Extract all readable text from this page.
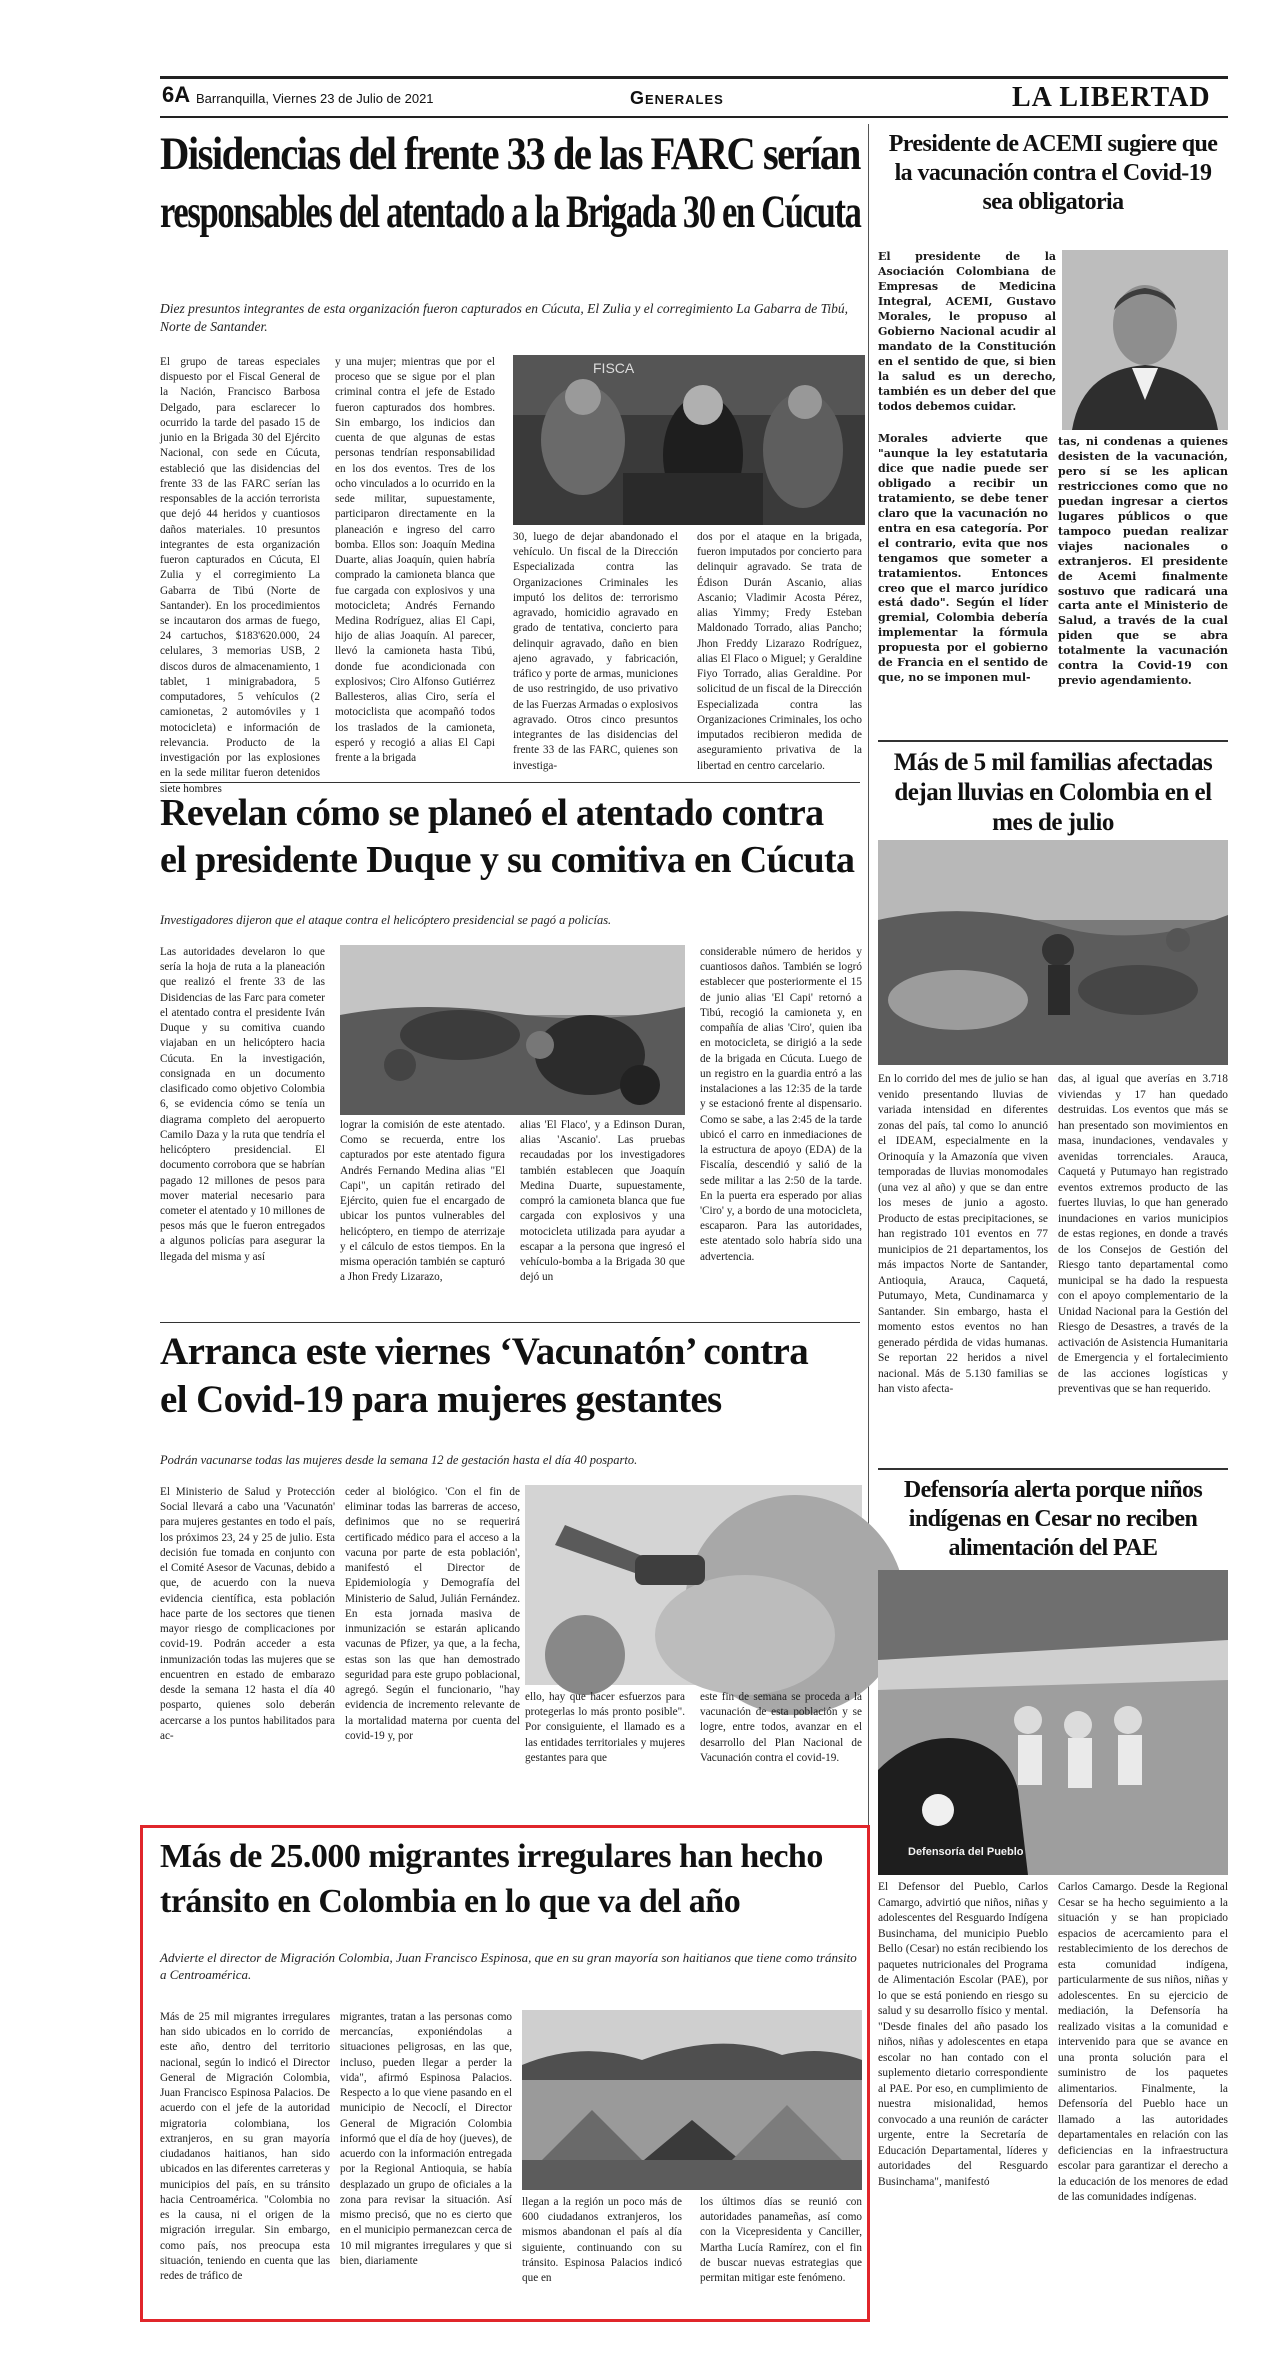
6A Barranquilla, Viernes 23 de Julio de 2021	Generales	LA LIBERTAD
Disidencias del frente 33 de las FARC serían
responsables del atentado a la Brigada 30 en Cúcuta
Diez presuntos integrantes de esta organización fueron capturados en Cúcuta, El Zulia y el corregimiento La Gabarra de Tibú, Norte de Santander.
El grupo de tareas especiales dispuesto por el Fiscal General de la Nación, Francisco Barbosa Delgado, para esclarecer lo ocurrido la tarde del pasado 15 de junio en la Brigada 30 del Ejército Nacional, con sede en Cúcuta, estableció que las disidencias del frente 33 de las FARC serían las responsables de la acción terrorista que dejó 44 heridos y cuantiosos daños materiales. 10 presuntos integrantes de esta organización fueron capturados en Cúcuta, El Zulia y el corregimiento La Gabarra de Tibú (Norte de Santander). En los procedimientos se incautaron dos armas de fuego, 24 cartuchos, $183'620.000, 24 celulares, 3 memorias USB, 2 discos duros de almacenamiento, 1 tablet, 1 minigrabadora, 5 computadores, 5 vehículos (2 camionetas, 2 automóviles y 1 motocicleta) e información de relevancia. Producto de la investigación por las explosiones en la sede militar fueron detenidos siete hombres
y una mujer; mientras que por el proceso que se sigue por el plan criminal contra el jefe de Estado fueron capturados dos hombres. Sin embargo, los indicios dan cuenta de que algunas de estas personas tendrían responsabilidad en los dos eventos. Tres de los ocho vinculados a lo ocurrido en la sede militar, supuestamente, participaron directamente en la planeación e ingreso del carro bomba. Ellos son: Joaquín Medina Duarte, alias Joaquín, quien habría comprado la camioneta blanca que fue cargada con explosivos y una motocicleta; Andrés Fernando Medina Rodríguez, alias El Capi, hijo de alias Joaquín. Al parecer, llevó la camioneta hasta Tibú, donde fue acondicionada con explosivos; Ciro Alfonso Gutiérrez Ballesteros, alias Ciro, sería el motociclista que acompañó todos los traslados de la camioneta, esperó y recogió a alias El Capi frente a la brigada
FISCA
30, luego de dejar abandonado el vehículo. Un fiscal de la Dirección Especializada contra las Organizaciones Criminales les imputó los delitos de: terrorismo agravado, homicidio agravado en grado de tentativa, concierto para delinquir agravado, daño en bien ajeno agravado, y fabricación, tráfico y porte de armas, municiones de uso restringido, de uso privativo de las Fuerzas Armadas o explosivos agravado. Otros cinco presuntos integrantes de las disidencias del frente 33 de las FARC, quienes son investiga-
dos por el ataque en la brigada, fueron imputados por concierto para delinquir agravado. Se trata de Édison Durán Ascanio, alias Ascanio; Vladimir Acosta Pérez, alias Yimmy; Fredy Esteban Maldonado Torrado, alias Pancho; Jhon Freddy Lizarazo Rodríguez, alias El Flaco o Miguel; y Geraldine Fiyo Torrado, alias Geraldine. Por solicitud de un fiscal de la Dirección Especializada contra las Organizaciones Criminales, los ocho imputados recibieron medida de aseguramiento privativa de la libertad en centro carcelario.
Revelan cómo se planeó el atentado contra
el presidente Duque y su comitiva en Cúcuta
Investigadores dijeron que el ataque contra el helicóptero presidencial se pagó a policías.
Las autoridades develaron lo que sería la hoja de ruta a la planeación que realizó el frente 33 de las Disidencias de las Farc para cometer el atentado contra el presidente Iván Duque y su comitiva cuando viajaban en un helicóptero hacia Cúcuta. En la investigación, consignada en un documento clasificado como objetivo Colombia 6, se evidencia cómo se tenía un diagrama completo del aeropuerto Camilo Daza y la ruta que tendría el helicóptero presidencial. El documento corrobora que se habrían pagado 12 millones de pesos para mover material necesario para cometer el atentado y 10 millones de pesos más que le fueron entregados a algunos policías para asegurar la llegada del misma y así
lograr la comisión de este atentado. Como se recuerda, entre los capturados por este atentado figura Andrés Fernando Medina alias "El Capi", un capitán retirado del Ejército, quien fue el encargado de ubicar los puntos vulnerables del helicóptero, en tiempo de aterrizaje y el cálculo de estos tiempos. En la misma operación también se capturó a Jhon Fredy Lizarazo,
alias 'El Flaco', y a Edinson Duran, alias 'Ascanio'. Las pruebas recaudadas por los investigadores también establecen que Joaquín Medina Duarte, supuestamente, compró la camioneta blanca que fue cargada con explosivos y una motocicleta utilizada para ayudar a escapar a la persona que ingresó el vehículo-bomba a la Brigada 30 que dejó un
considerable número de heridos y cuantiosos daños. También se logró establecer que posteriormente el 15 de junio alias 'El Capi' retornó a Tibú, recogió la camioneta y, en compañía de alias 'Ciro', quien iba en motocicleta, se dirigió a la sede de la brigada en Cúcuta. Luego de un registro en la guardia entró a las instalaciones a las 12:35 de la tarde y se estacionó frente al dispensario. Como se sabe, a las 2:45 de la tarde ubicó el carro en inmediaciones de la estructura de apoyo (EDA) de la Fiscalía, descendió y salió de la sede militar a las 2:50 de la tarde. En la puerta era esperado por alias 'Ciro' y, a bordo de una motocicleta, escaparon. Para las autoridades, este atentado solo habría sido una advertencia.
Arranca este viernes ‘Vacunatón’ contra
el Covid-19 para mujeres gestantes
Podrán vacunarse todas las mujeres desde la semana 12 de gestación hasta el día 40 posparto.
El Ministerio de Salud y Protección Social llevará a cabo una 'Vacunatón' para mujeres gestantes en todo el país, los próximos 23, 24 y 25 de julio. Esta decisión fue tomada en conjunto con el Comité Asesor de Vacunas, debido a que, de acuerdo con la nueva evidencia científica, esta población hace parte de los sectores que tienen mayor riesgo de complicaciones por covid-19. Podrán acceder a esta inmunización todas las mujeres que se encuentren en estado de embarazo desde la semana 12 hasta el día 40 posparto, quienes solo deberán acercarse a los puntos habilitados para ac-
ceder al biológico. 'Con el fin de eliminar todas las barreras de acceso, definimos que no se requerirá certificado médico para el acceso a la vacuna por parte de esta población', manifestó el Director de Epidemiología y Demografía del Ministerio de Salud, Julián Fernández. En esta jornada masiva de inmunización se estarán aplicando vacunas de Pfizer, ya que, a la fecha, estas son las que han demostrado seguridad para este grupo poblacional, agregó. Según el funcionario, "hay evidencia de incremento relevante de la mortalidad materna por cuenta del covid-19 y, por
ello, hay que hacer esfuerzos para protegerlas lo más pronto posible". Por consiguiente, el llamado es a las entidades territoriales y mujeres gestantes para que
este fin de semana se proceda a la vacunación de esta población y se logre, entre todos, avanzar en el desarrollo del Plan Nacional de Vacunación contra el covid-19.
Más de 25.000 migrantes irregulares han hecho
tránsito en Colombia en lo que va del año
Advierte el director de Migración Colombia, Juan Francisco Espinosa, que en su gran mayoría son haitianos que tiene como tránsito a Centroamérica.
Más de 25 mil migrantes irregulares han sido ubicados en lo corrido de este año, dentro del territorio nacional, según lo indicó el Director General de Migración Colombia, Juan Francisco Espinosa Palacios. De acuerdo con el jefe de la autoridad migratoria colombiana, los extranjeros, en su gran mayoría ciudadanos haitianos, han sido ubicados en las diferentes carreteras y municipios del país, en su tránsito hacia Centroamérica. "Colombia no es la causa, ni el origen de la migración irregular. Sin embargo, como país, nos preocupa esta situación, teniendo en cuenta que las redes de tráfico de
migrantes, tratan a las personas como mercancías, exponiéndolas a situaciones peligrosas, en las que, incluso, pueden llegar a perder la vida", afirmó Espinosa Palacios. Respecto a lo que viene pasando en el municipio de Necoclí, el Director General de Migración Colombia informó que el día de hoy (jueves), de acuerdo con la información entregada por la Regional Antioquia, se había desplazado un grupo de oficiales a la zona para revisar la situación. Así mismo precisó, que no es cierto que en el municipio permanezcan cerca de 10 mil migrantes irregulares y que si bien, diariamente
llegan a la región un poco más de 600 ciudadanos extranjeros, los mismos abandonan el país al día siguiente, continuando con su tránsito. Espinosa Palacios indicó que en
los últimos días se reunió con autoridades panameñas, así como con la Vicepresidenta y Canciller, Martha Lucía Ramírez, con el fin de buscar nuevas estrategias que permitan mitigar este fenómeno.
Presidente de ACEMI sugiere que la vacunación contra el Covid-19 sea obligatoria
El presidente de la Asociación Colombiana de Empresas de Medicina Integral, ACEMI, Gustavo Morales, le propuso al Gobierno Nacional acudir al mandato de la Constitución en el sentido de que, si bien la salud es un derecho, también es un deber del que todos debemos cuidar.
Morales advierte que "aunque la ley estatutaria dice que nadie puede ser obligado a recibir un tratamiento, se debe tener claro que la vacunación no entra en esa categoría. Por el contrario, evita que nos tengamos que someter a tratamientos. Entonces creo que el marco jurídico está dado". Según el líder gremial, Colombia debería implementar la fórmula propuesta por el gobierno de Francia en el sentido de que, no se imponen mul-
tas, ni condenas a quienes desisten de la vacunación, pero sí se les aplican restricciones como que no puedan ingresar a ciertos lugares públicos o que tampoco puedan realizar viajes nacionales o extranjeros. El presidente de Acemi finalmente sostuvo que radicará una carta ante el Ministerio de Salud, a través de la cual piden que se abra totalmente la vacunación contra la Covid-19 con previo agendamiento.
Más de 5 mil familias afectadas dejan lluvias en Colombia en el mes de julio
En lo corrido del mes de julio se han venido presentando lluvias de variada intensidad en diferentes zonas del país, tal como lo anunció el IDEAM, especialmente en la Orinoquía y la Amazonía que viven temporadas de lluvias monomodales (una vez al año) y que se dan entre los meses de junio a agosto. Producto de estas precipitaciones, se han registrado 101 eventos en 77 municipios de 21 departamentos, los más impactos Norte de Santander, Antioquia, Arauca, Caquetá, Putumayo, Meta, Cundinamarca y Santander. Sin embargo, hasta el momento estos eventos no han generado pérdida de vidas humanas. Se reportan 22 heridos a nivel nacional. Más de 5.130 familias se han visto afecta-
das, al igual que averías en 3.718 viviendas y 17 han quedado destruidas. Los eventos que más se han presentado son movimientos en masa, inundaciones, vendavales y avenidas torrenciales. Arauca, Caquetá y Putumayo han registrado eventos extremos producto de las fuertes lluvias, lo que han generado inundaciones en varios municipios de estas regiones, en donde a través de los Consejos de Gestión del Riesgo tanto departamental como municipal se ha dado la respuesta con el apoyo complementario de la Unidad Nacional para la Gestión del Riesgo de Desastres, a través de la activación de Asistencia Humanitaria de Emergencia y el fortalecimiento de las acciones logísticas y preventivas que se han requerido.
Defensoría alerta porque niños indígenas en Cesar no reciben alimentación del PAE
Defensoría del Pueblo
El Defensor del Pueblo, Carlos Camargo, advirtió que niños, niñas y adolescentes del Resguardo Indígena Businchama, del municipio Pueblo Bello (Cesar) no están recibiendo los paquetes nutricionales del Programa de Alimentación Escolar (PAE), por lo que se está poniendo en riesgo su salud y su desarrollo físico y mental. "Desde finales del año pasado los niños, niñas y adolescentes en etapa escolar no han contado con el suplemento dietario correspondiente al PAE. Por eso, en cumplimiento de nuestra misionalidad, hemos convocado a una reunión de carácter urgente, entre la Secretaría de Educación Departamental, líderes y autoridades del Resguardo Businchama", manifestó
Carlos Camargo. Desde la Regional Cesar se ha hecho seguimiento a la situación y se han propiciado espacios de acercamiento para el restablecimiento de los derechos de esta comunidad indígena, particularmente de sus niños, niñas y adolescentes. En su ejercicio de mediación, la Defensoría ha realizado visitas a la comunidad e intervenido para que se avance en una pronta solución para el suministro de los paquetes alimentarios. Finalmente, la Defensoría del Pueblo hace un llamado a las autoridades departamentales en relación con las deficiencias en la infraestructura escolar para garantizar el derecho a la educación de los menores de edad de las comunidades indígenas.
